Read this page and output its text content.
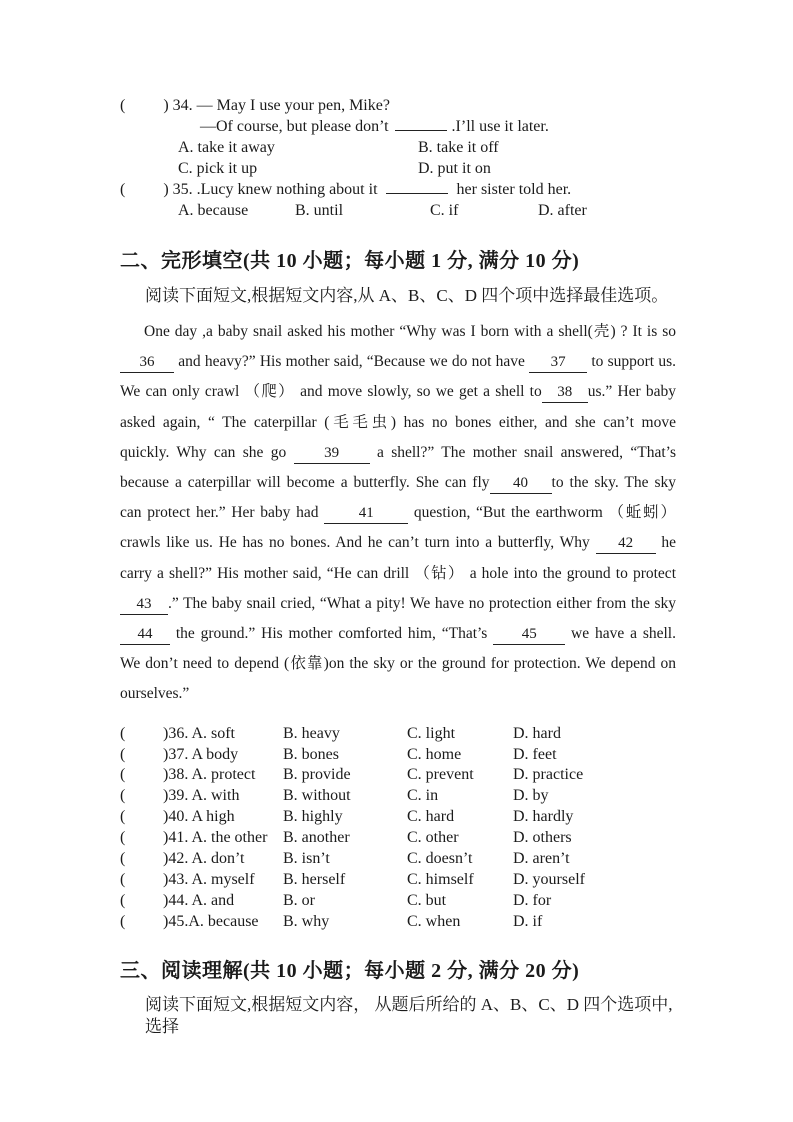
( ) 34. — May I use your pen, Mike?
—Of course, but please don’t	.I’ll use it later.
A. take it away	B. take it off
C. pick it up	D. put it on
( ) 35. .Lucy knew nothing about it	her sister told her.
A. because	B. until	C. if	D. after
二、完形填空(共 10 小题；每小题 1 分, 满分 10 分)
阅读下面短文,根据短文内容,从 A、B、C、D 四个项中选择最佳选项。
One day ,a baby snail asked his mother “Why was I born with a shell(壳) ? It is so
36 and heavy?” His mother said, “Because we do not have 37 to support us.
We can only crawl （爬） and move slowly, so we get a shell to 38 us.” Her baby
asked again, “ The caterpillar (毛毛虫) has no bones either, and she can’t move
quickly. Why can she go 39 a shell?” The mother snail answered, “That’s
because a caterpillar will become a butterfly. She can fly 40 to the sky. The sky
can protect her.” Her baby had 41 question, “But the earthworm （蚯蚓）
crawls like us. He has no bones. And he can’t turn into a butterfly, Why 42 he
carry a shell?” His mother said, “He can drill （钻） a hole into the ground to protect
43 .” The baby snail cried, “What a pity! We have no protection either from the sky
44 the ground.” His mother comforted him, “That’s 45 we have a shell.
We don’t need to depend (依靠)on the sky or the ground for protection. We depend on
ourselves.”
(	)36. A. soft	B. heavy	C. light	D. hard
(	)37. A body	B. bones	C. home	D. feet
(	)38. A. protect	B. provide	C. prevent	D. practice
(	)39. A. with	B. without	C. in	D. by
(	)40. A high	B. highly	C. hard	D. hardly
(	)41. A. the other B. another	C. other	D. others
(	)42. A. don’t	B. isn’t	C. doesn’t	D. aren’t
(	)43. A. myself	B. herself	C. himself	D. yourself
(	)44. A. and	B. or	C. but	D. for
(	)45.A. because	B. why	C. when	D. if
三、阅读理解(共 10 小题；每小题 2 分, 满分 20 分)
阅读下面短文,根据短文内容， 从题后所给的 A、B、C、D 四个选项中,选择
